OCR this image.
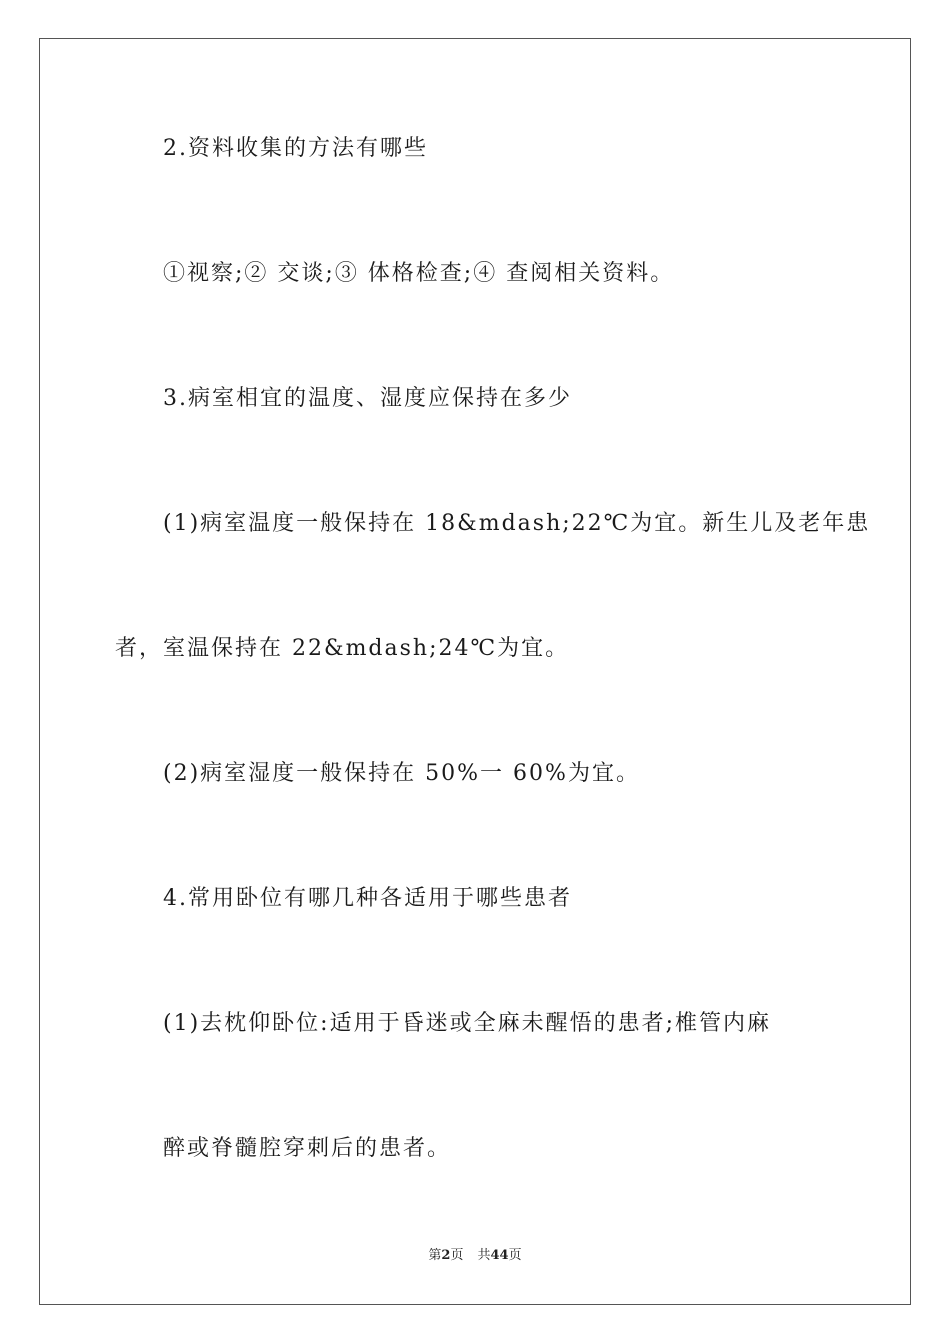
2.资料收集的方法有哪些
①视察;② 交谈;③ 体格检查;④ 查阅相关资料。
3.病室相宜的温度、湿度应保持在多少
(1)病室温度一般保持在 18&mdash;22℃为宜。新生儿及老年患
者，室温保持在 22&mdash;24℃为宜。
(2)病室湿度一般保持在 50%一 60%为宜。
4.常用卧位有哪几种各适用于哪些患者
(1)去枕仰卧位:适用于昏迷或全麻未醒悟的患者;椎管内麻
醉或脊髓腔穿刺后的患者。
第2页 共44页
